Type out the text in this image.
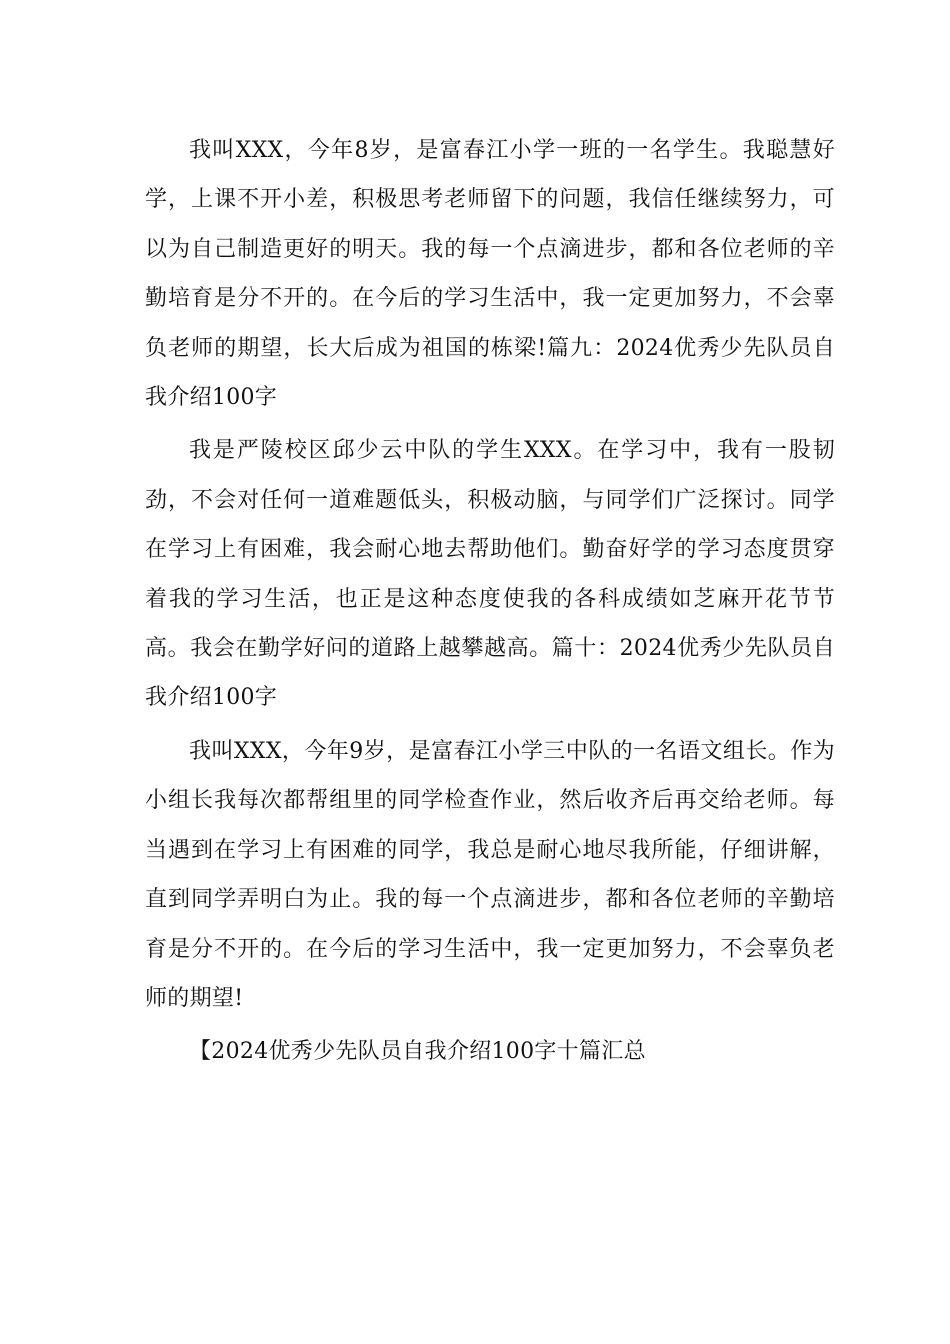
我叫XXX，今年8岁，是富春江小学一班的一名学生。我聪慧好学，上课不开小差，积极思考老师留下的问题，我信任继续努力，可以为自己制造更好的明天。我的每一个点滴进步，都和各位老师的辛勤培育是分不开的。在今后的学习生活中，我一定更加努力，不会辜负老师的期望，长大后成为祖国的栋梁!篇九：2024优秀少先队员自我介绍100字

我是严陵校区邱少云中队的学生XXX。在学习中，我有一股韧劲，不会对任何一道难题低头，积极动脑，与同学们广泛探讨。同学在学习上有困难，我会耐心地去帮助他们。勤奋好学的学习态度贯穿着我的学习生活，也正是这种态度使我的各科成绩如芝麻开花节节高。我会在勤学好问的道路上越攀越高。篇十：2024优秀少先队员自我介绍100字

我叫XXX，今年9岁，是富春江小学三中队的一名语文组长。作为小组长我每次都帮组里的同学检查作业，然后收齐后再交给老师。每当遇到在学习上有困难的同学，我总是耐心地尽我所能，仔细讲解，直到同学弄明白为止。我的每一个点滴进步，都和各位老师的辛勤培育是分不开的。在今后的学习生活中，我一定更加努力，不会辜负老师的期望!

【2024优秀少先队员自我介绍100字十篇汇总
